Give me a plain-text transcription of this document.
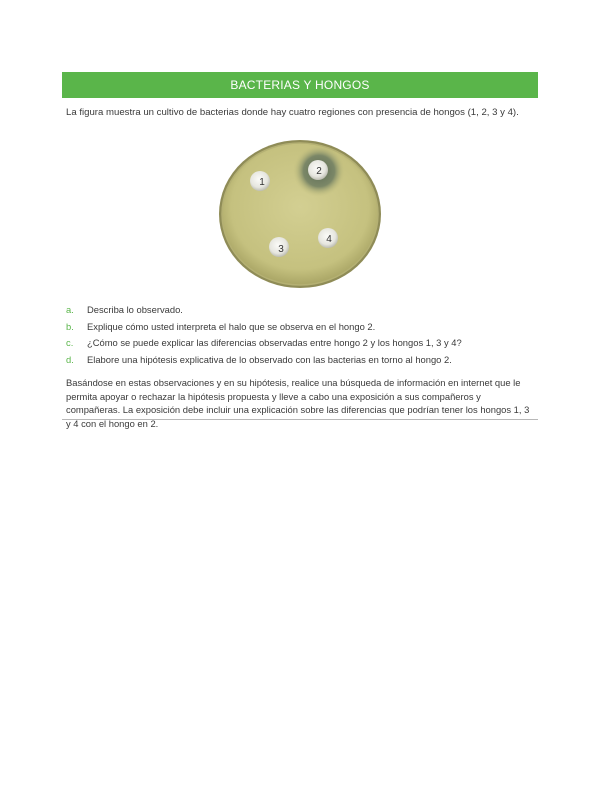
BACTERIAS Y HONGOS

La figura muestra un cultivo de bacterias donde hay cuatro regiones con presencia de hongos (1, 2, 3 y 4).

1
2
3
4
a.	Describa lo observado.
b.	Explique cómo usted interpreta el halo que se observa en el hongo 2.
c.	¿Cómo se puede explicar las diferencias observadas entre hongo 2 y los hongos 1, 3 y 4?
d.	Elabore una hipótesis explicativa de lo observado con las bacterias en torno al hongo 2.

Basándose en estas observaciones y en su hipótesis, realice una búsqueda de información en internet que le permita apoyar o rechazar la hipótesis propuesta y lleve a cabo una exposición a sus compañeros y compañeras. La exposición debe incluir una explicación sobre las diferencias que podrían tener los hongos 1, 3 y 4 con el hongo en 2.
